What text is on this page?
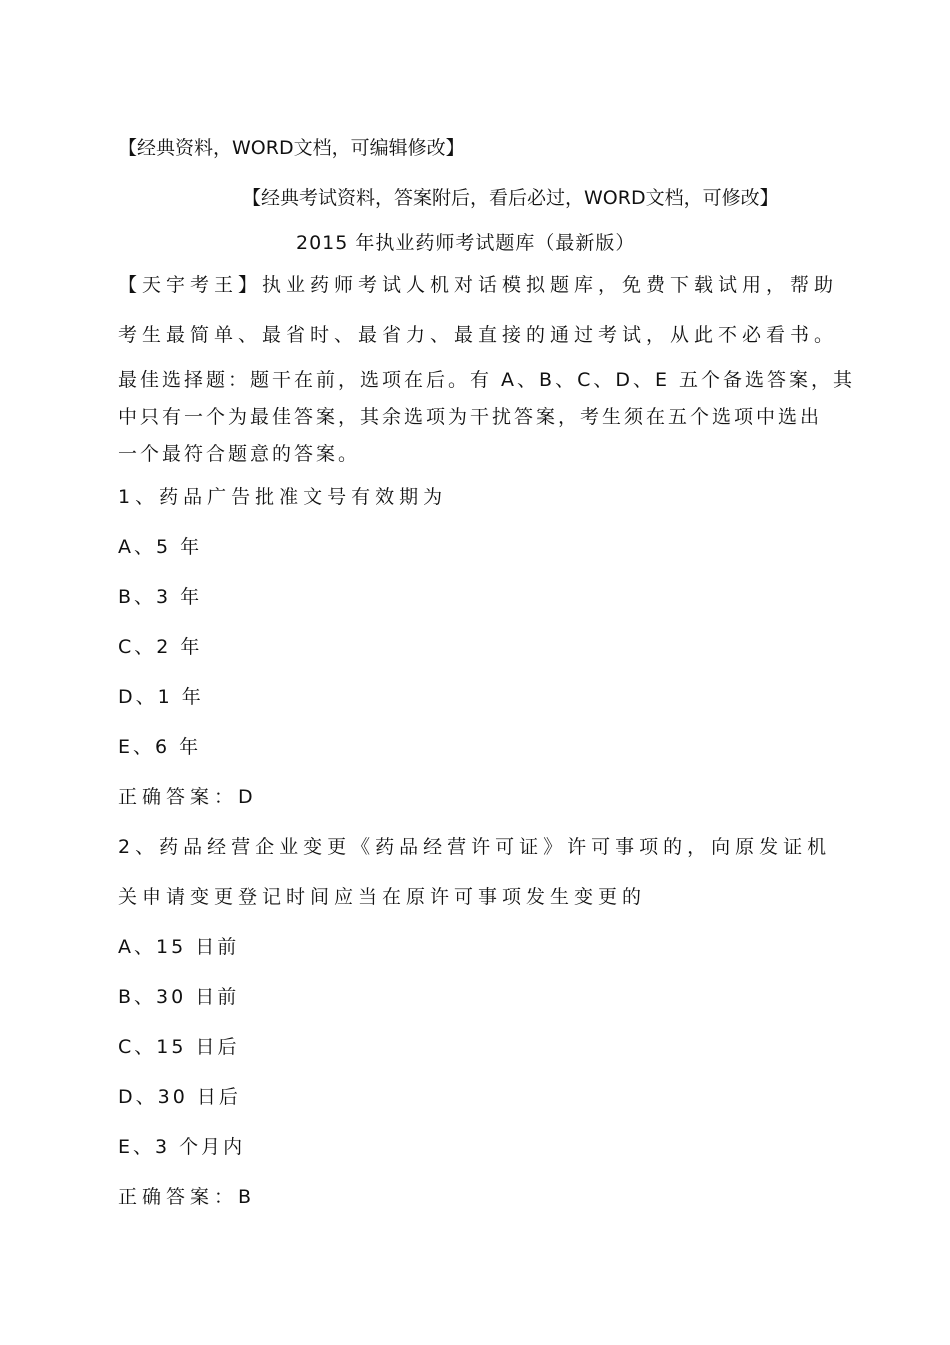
【经典资料，WORD文档，可编辑修改】
【经典考试资料，答案附后，看后必过，WORD文档，可修改】
2015 年执业药师考试题库（最新版）
【天宇考王】执业药师考试人机对话模拟题库，免费下载试用，帮助
考生最简单、最省时、最省力、最直接的通过考试，从此不必看书。
最佳选择题：题干在前，选项在后。有 A、B、C、D、E 五个备选答案，其
中只有一个为最佳答案，其余选项为干扰答案，考生须在五个选项中选出
一个最符合题意的答案。
1、药品广告批准文号有效期为
A、5 年
B、3 年
C、2 年
D、1 年
E、6 年
正确答案：D
2、药品经营企业变更《药品经营许可证》许可事项的，向原发证机
关申请变更登记时间应当在原许可事项发生变更的
A、15 日前
B、30 日前
C、15 日后
D、30 日后
E、3 个月内
正确答案：B
